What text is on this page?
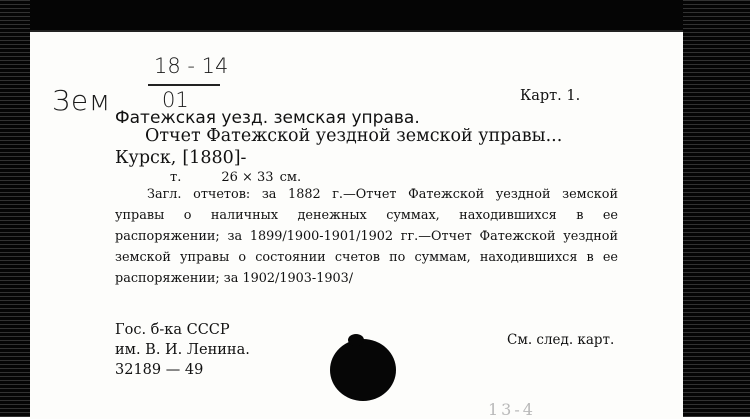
Зем
18 - 14
01	Карт. 1.
Фатежская уезд. земская управа.
Отчет Фатежской уездной земской управы...
Курск, [1880]-
т.	26 × 33 см.
Загл. отчетов: за 1882 г.—Отчет Фатежской уездной земской управы о наличных денежных суммах, находившихся в ее распоряжении; за 1899/1900-1901/1902 гг.—Отчет Фатежской уездной земской управы о состоянии счетов по суммам, находившихся в ее распоряжении; за 1902/1903-1903/
См. след. карт.
Гос. б-ка СССР
им. В. И. Ленина.
32189 — 49
13-4
